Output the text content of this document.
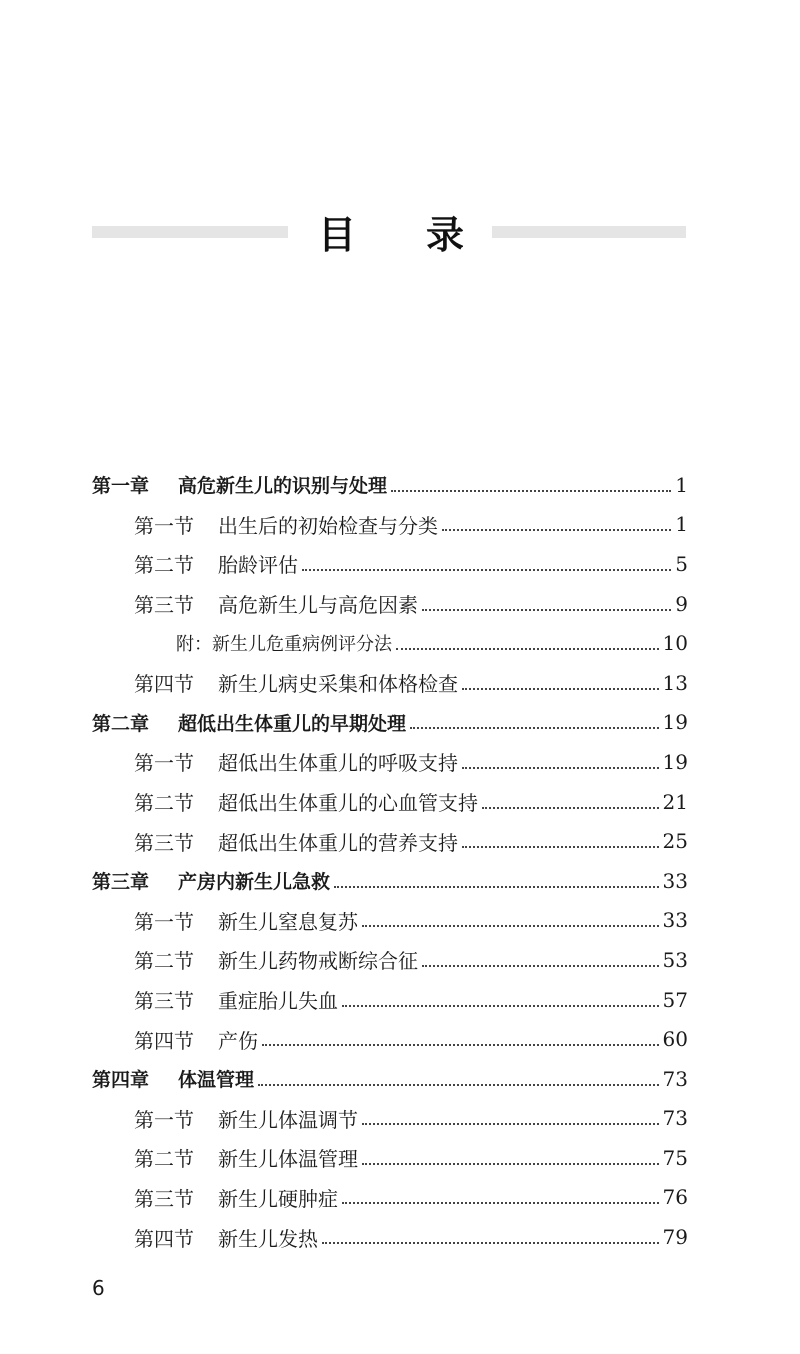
目 录
第一章	高危新生儿的识别与处理	1
第一节	出生后的初始检查与分类	1
第二节	胎龄评估	5
第三节	高危新生儿与高危因素	9
附：新生儿危重病例评分法	10
第四节	新生儿病史采集和体格检查	13
第二章	超低出生体重儿的早期处理	19
第一节	超低出生体重儿的呼吸支持	19
第二节	超低出生体重儿的心血管支持	21
第三节	超低出生体重儿的营养支持	25
第三章	产房内新生儿急救	33
第一节	新生儿窒息复苏	33
第二节	新生儿药物戒断综合征	53
第三节	重症胎儿失血	57
第四节	产伤	60
第四章	体温管理	73
第一节	新生儿体温调节	73
第二节	新生儿体温管理	75
第三节	新生儿硬肿症	76
第四节	新生儿发热	79
6
